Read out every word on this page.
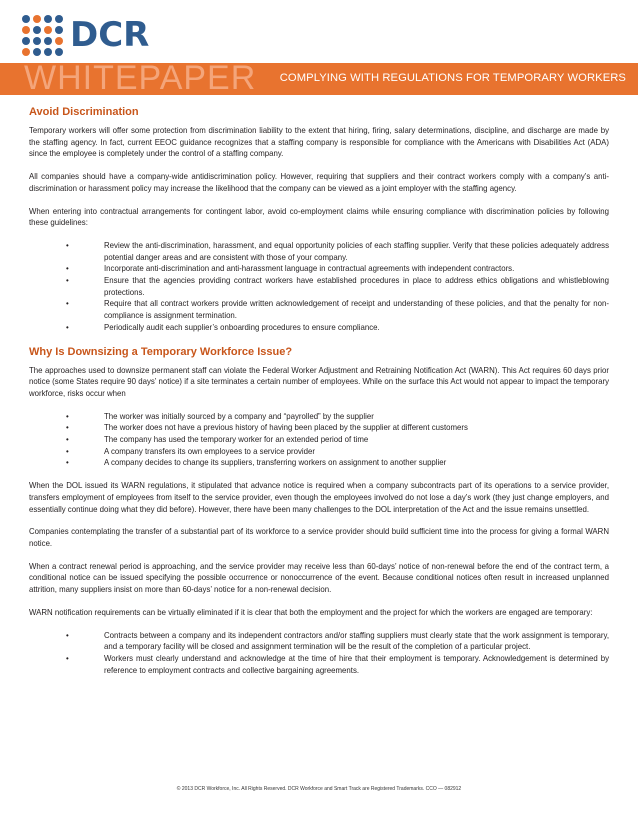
DCR
WHITEPAPER COMPLYING WITH REGULATIONS FOR TEMPORARY WORKERS
Avoid Discrimination

Temporary workers will offer some protection from discrimination liability to the extent that hiring, firing, salary determinations, discipline, and discharge are made by the staffing agency. In fact, current EEOC guidance recognizes that a staffing company is responsible for compliance with the Americans with Disabilities Act (ADA) since the employee is completely under the control of a staffing company.

All companies should have a company-wide antidiscrimination policy. However, requiring that suppliers and their contract workers comply with a company’s anti-discrimination or harassment policy may increase the likelihood that the company can be viewed as a joint employer with the staffing agency.

When entering into contractual arrangements for contingent labor, avoid co-employment claims while ensuring compliance with discrimination policies by following these guidelines:

•	Review the anti-discrimination, harassment, and equal opportunity policies of each staffing supplier. Verify that these policies adequately address potential danger areas and are consistent with those of your company.
•	Incorporate anti-discrimination and anti-harassment language in contractual agreements with independent contractors.
•	Ensure that the agencies providing contract workers have established procedures in place to address ethics obligations and whistleblowing protections.
•	Require that all contract workers provide written acknowledgement of receipt and understanding of these policies, and that the penalty for non-compliance is assignment termination.
•	Periodically audit each supplier’s onboarding procedures to ensure compliance.
Why Is Downsizing a Temporary Workforce Issue?

The approaches used to downsize permanent staff can violate the Federal Worker Adjustment and Retraining Notification Act (WARN). This Act requires 60 days prior notice (some States require 90 days’ notice) if a site terminates a certain number of employees. While on the surface this Act would not appear to impact the temporary workforce, risks occur when

•	The worker was initially sourced by a company and “payrolled” by the supplier
•	The worker does not have a previous history of having been placed by the supplier at different customers
•	The company has used the temporary worker for an extended period of time
•	A company transfers its own employees to a service provider
•	A company decides to change its suppliers, transferring workers on assignment to another supplier

When the DOL issued its WARN regulations, it stipulated that advance notice is required when a company subcontracts part of its operations to a service provider, transfers employment of employees from itself to the service provider, even though the employees involved do not lose a day’s work (they just change employers, and essentially continue doing what they did before). However, there have been many challenges to the DOL interpretation of the Act and the issue remains unsettled.

Companies contemplating the transfer of a substantial part of its workforce to a service provider should build sufficient time into the process for giving a formal WARN notice.

When a contract renewal period is approaching, and the service provider may receive less than 60-days’ notice of non-renewal before the end of the contract term, a conditional notice can be issued specifying the possible occurrence or nonoccurrence of the event. Because conditional notices often result in increased unplanned attrition, many suppliers insist on more than 60-days’ notice for a non-renewal decision.

WARN notification requirements can be virtually eliminated if it is clear that both the employment and the project for which the workers are engaged are temporary:

•	Contracts between a company and its independent contractors and/or staffing suppliers must clearly state that the work assignment is temporary, and a temporary facility will be closed and assignment termination will be the result of the completion of a particular project.
•	Workers must clearly understand and acknowledge at the time of hire that their employment is temporary. Acknowledgement is determined by reference to employment contracts and collective bargaining agreements.
© 2013 DCR Workforce, Inc. All Rights Reserved. DCR Workforce and Smart Track are Registered Trademarks. CCO — 082912
